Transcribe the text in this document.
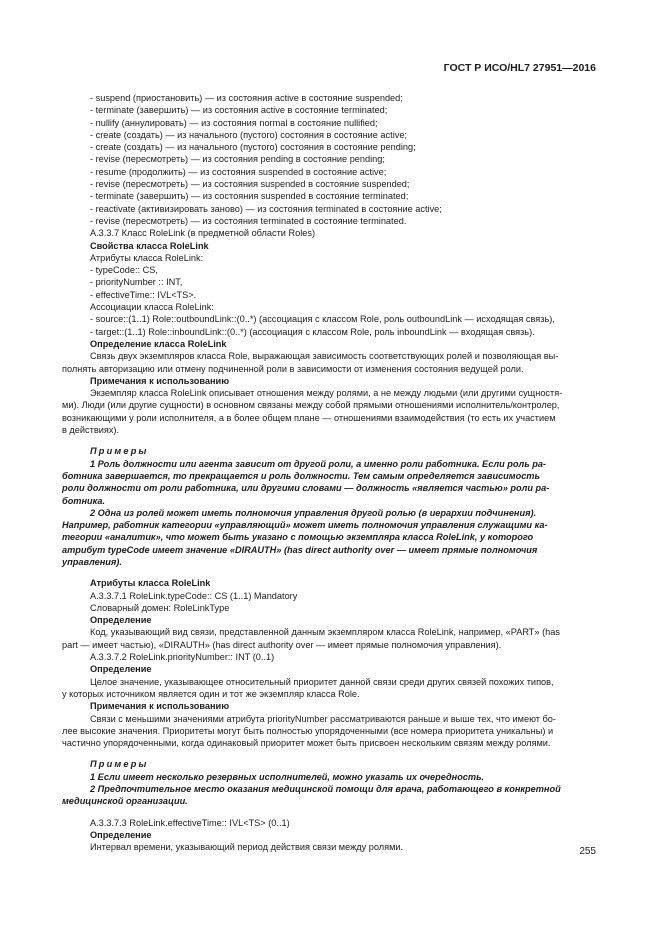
ГОСТ Р ИСО/HL7 27951—2016
- suspend (приостановить) — из состояния active в состояние suspended;
- terminate (завершить) — из состояния active в состояние terminated;
- nullify (аннулировать) — из состояния normal в состояние nullified;
- create (создать) — из начального (пустого) состояния в состояние active;
- create (создать) — из начального (пустого) состояния в состояние pending;
- revise (пересмотреть) — из состояния pending в состояние pending;
- resume (продолжить) — из состояния suspended в состояние active;
- revise (пересмотреть) — из состояния suspended в состояние suspended;
- terminate (завершить) — из состояния suspended в состояние terminated;
- reactivate (активизировать заново) — из состояния terminated в состояние active;
- revise (пересмотреть) — из состояния terminated в состояние terminated.
A.3.3.7 Класс RoleLink (в предметной области Roles)
Свойства класса RoleLink
Атрибуты класса RoleLink:
- typeCode:: CS,
- priorityNumber :: INT,
- effectiveTime:: IVL<TS>.
Ассоциации класса RoleLink:
- source::(1..1) Role::outboundLink::(0..*) (ассоциация с классом Role, роль outboundLink — исходящая связь),
- target::(1..1) Role::inboundLink::(0..*) (ассоциация с классом Role, роль inboundLink — входящая связь).
Определение класса RoleLink
Связь двух экземпляров класса Role, выражающая зависимость соответствующих ролей и позволяющая вы-
полнять авторизацию или отмену подчиненной роли в зависимости от изменения состояния ведущей роли.
Примечания к использованию
Экземпляр класса RoleLink описывает отношения между ролями, а не между людьми (или другими сущностя-
ми). Люди (или другие сущности) в основном связаны между собой прямыми отношениями исполнитель/контролер,
возникающими у роли исполнителя, а в более общем плане — отношениями взаимодействия (то есть их участием
в действиях).
Примеры
1 Роль должности или агента зависит от другой роли, а именно роли работника. Если роль ра-
ботника завершается, то прекращается и роль должности. Тем самым определяется зависимость
роли должности от роли работника, или другими словами — должность «является частью» роли ра-
ботника.
2 Одна из ролей может иметь полномочия управления другой ролью (в иерархии подчинения).
Например, работник категории «управляющий» может иметь полномочия управления служащими ка-
тегории «аналитик», что может быть указано с помощью экземпляра класса RoleLink, у которого
атрибут typeCode имеет значение «DIRAUTH» (has direct authority over — имеет прямые полномочия
управления).
Атрибуты класса RoleLink
A.3.3.7.1 RoleLink.typeCode:: CS (1..1) Mandatory
Словарный домен: RoleLinkType
Определение
Код, указывающий вид связи, представленной данным экземпляром класса RoleLink, например, «PART» (has
part — имеет частью), «DIRAUTH» (has direct authority over — имеет прямые полномочия управления).
A.3.3.7.2 RoleLink.priorityNumber:: INT (0..1)
Определение
Целое значение, указывающее относительный приоритет данной связи среди других связей похожих типов,
у которых источником является один и тот же экземпляр класса Role.
Примечания к использованию
Связи с меньшими значениями атрибута priorityNumber рассматриваются раньше и выше тех, что имеют бо-
лее высокие значения. Приоритеты могут быть полностью упорядоченными (все номера приоритета уникальны) и
частично упорядоченными, когда одинаковый приоритет может быть присвоен нескольким связям между ролями.
Примеры
1 Если имеет несколько резервных исполнителей, можно указать их очередность.
2 Предпочтительное место оказания медицинской помощи для врача, работающего в конкретной
медицинской организации.
A.3.3.7.3 RoleLink.effectiveTime:: IVL<TS> (0..1)
Определение
Интервал времени, указывающий период действия связи между ролями.	255
